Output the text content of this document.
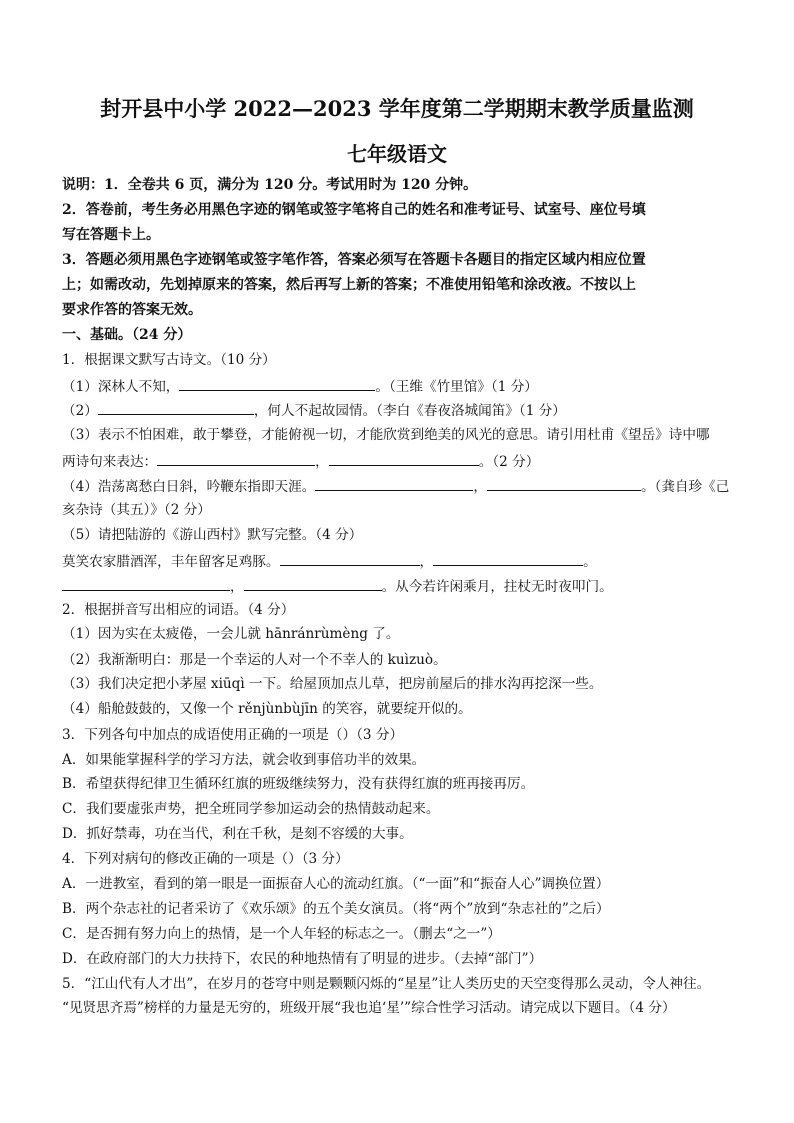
封开县中小学 2022—2023 学年度第二学期期末教学质量监测
七年级语文
说明：1．全卷共 6 页，满分为 120 分。考试用时为 120 分钟。
2．答卷前，考生务必用黑色字迹的钢笔或签字笔将自己的姓名和准考证号、试室号、座位号填
写在答题卡上。
3．答题必须用黑色字迹钢笔或签字笔作答，答案必须写在答题卡各题目的指定区域内相应位置
上；如需改动，先划掉原来的答案，然后再写上新的答案；不准使用铅笔和涂改液。不按以上
要求作答的答案无效。
一、基础。（24 分）
1．根据课文默写古诗文。（10 分）
（1）深林人不知，	。（王维《竹里馆》（1 分）
（2）	，何人不起故园情。（李白《春夜洛城闻笛》（1 分）
（3）表示不怕困难，敢于攀登，才能俯视一切，才能欣赏到绝美的风光的意思。请引用杜甫《望岳》诗中哪
两诗句来表达：	，	。（2 分）
（4）浩荡离愁白日斜，吟鞭东指即天涯。	，	。（龚自珍《己
亥杂诗（其五）》（2 分）
（5）请把陆游的《游山西村》默写完整。（4 分）
莫笑农家腊酒浑，丰年留客足鸡豚。	，	。
，	。从今若许闲乘月，拄杖无时夜叩门。
2．根据拼音写出相应的词语。（4 分）
（1）因为实在太疲倦，一会儿就 hānránrùmèng 了。
（2）我渐渐明白：那是一个幸运的人对一个不幸人的 kuìzuò。
（3）我们决定把小茅屋 xiūqì 一下。给屋顶加点儿草，把房前屋后的排水沟再挖深一些。
（4）船舱鼓鼓的，又像一个 rěnjùnbùjīn 的笑容，就要绽开似的。
3．下列各句中加点的成语使用正确的一项是（）（3 分）
A．如果能掌握科学的学习方法，就会收到事倍功半的效果。
B．希望获得纪律卫生循环红旗的班级继续努力，没有获得红旗的班再接再厉。
C．我们要虚张声势，把全班同学参加运动会的热情鼓动起来。
D．抓好禁毒，功在当代，利在千秋，是刻不容缓的大事。
4．下列对病句的修改正确的一项是（）（3 分）
A．一进教室，看到的第一眼是一面振奋人心的流动红旗。（“一面”和“振奋人心”调换位置）
B．两个杂志社的记者采访了《欢乐颂》的五个美女演员。（将“两个”放到“杂志社的”之后）
C．是否拥有努力向上的热情，是一个人年轻的标志之一。（删去“之一”）
D．在政府部门的大力扶持下，农民的种地热情有了明显的进步。（去掉“部门”）
5．“江山代有人才出”，在岁月的苍穹中则是颗颗闪烁的“星星”让人类历史的天空变得那么灵动，令人神往。
“见贤思齐焉”榜样的力量是无穷的，班级开展“我也追‘星’”综合性学习活动。请完成以下题目。（4 分）
